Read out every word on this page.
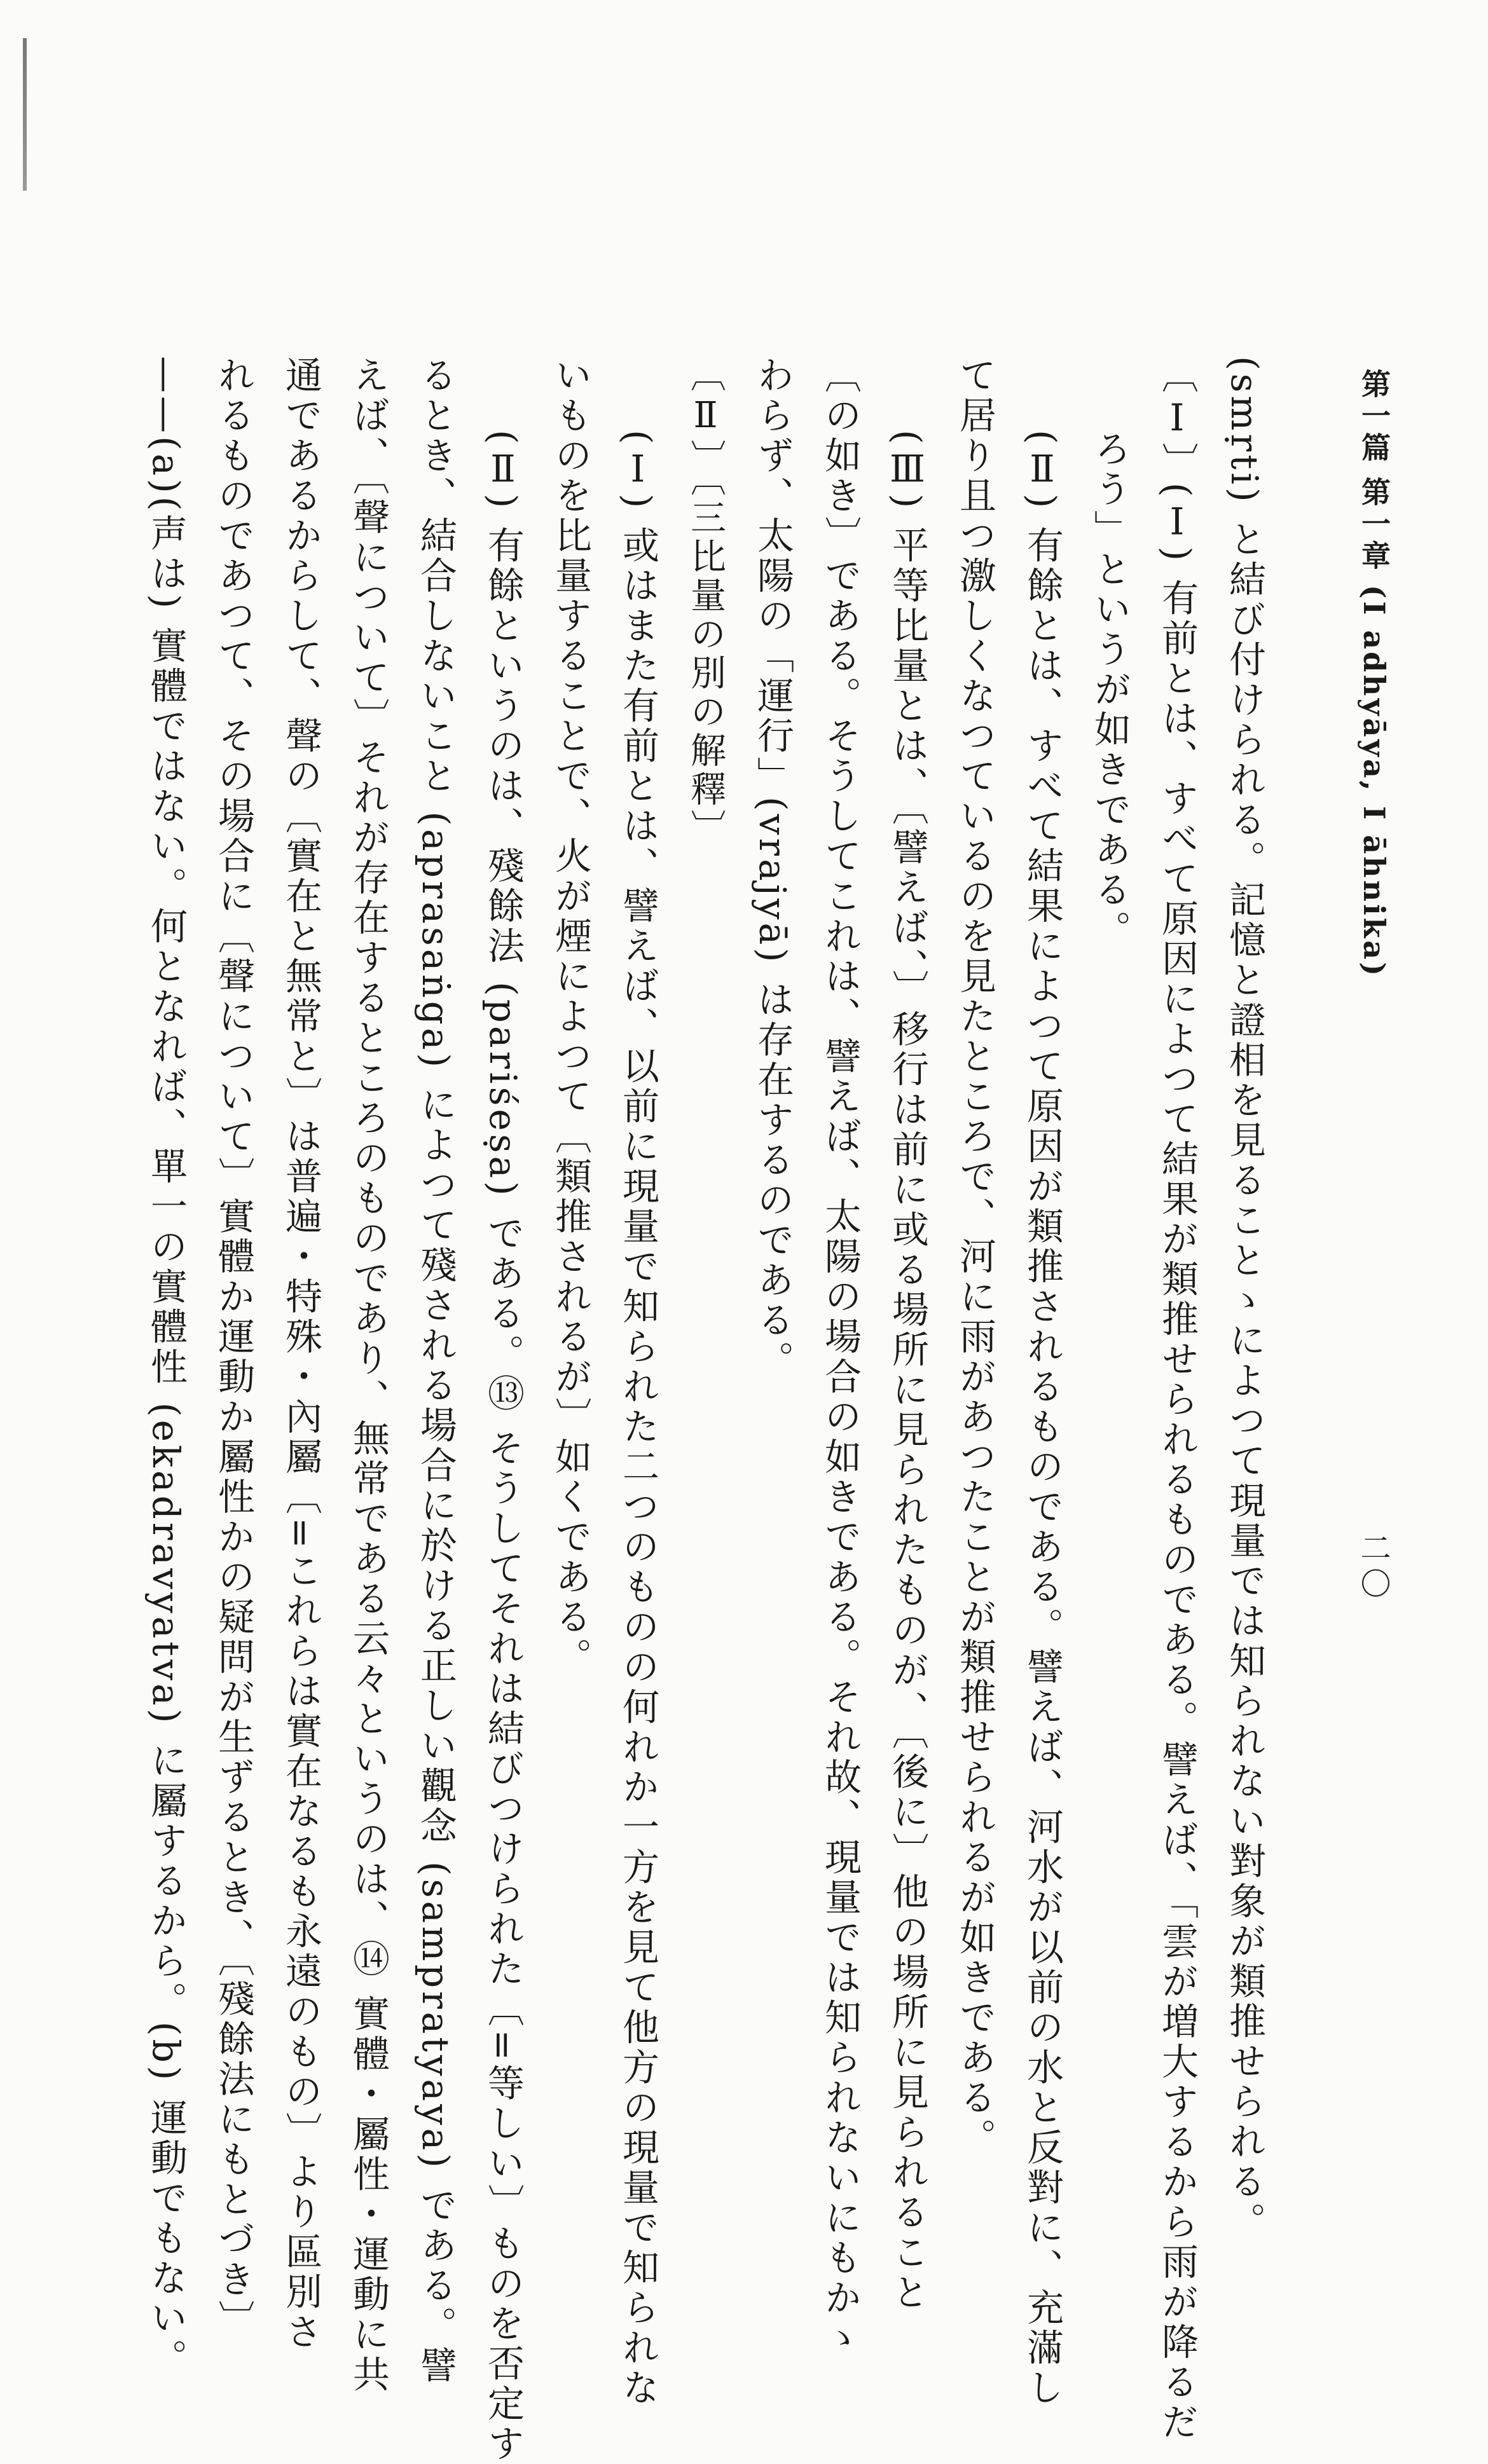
第一篇 第一章 (I adhyāya, I āhnika)
二〇
(smṛti) と結び付けられる。記憶と證相を見ることゝによつて現量では知られない對象が類推せられる。
〔Ⅰ〕(Ⅰ) 有前とは、すべて原因によつて結果が類推せられるものである。譬えば、「雲が増大するから雨が降るだ
ろう」というが如きである。
(Ⅱ) 有餘とは、すべて結果によつて原因が類推されるものである。譬えば、河水が以前の水と反對に、充滿し
て居り且つ激しくなつているのを見たところで、河に雨があつたことが類推せられるが如きである。
(Ⅲ) 平等比量とは、〔譬えば、〕移行は前に或る場所に見られたものが、〔後に〕他の場所に見られること
〔の如き〕である。そうしてこれは、譬えば、太陽の場合の如きである。それ故、現量では知られないにもかゝ
わらず、太陽の「運行」(vrajyā) は存在するのである。
〔Ⅱ〕〔三比量の別の解釋〕
(Ⅰ) 或はまた有前とは、譬えば、以前に現量で知られた二つのものの何れか一方を見て他方の現量で知られな
いものを比量することで、火が煙によつて〔類推されるが〕如くである。
(Ⅱ) 有餘というのは、殘餘法 (pariśeṣa) である。⑬ そうしてそれは結びつけられた〔=等しい〕ものを否定す
るとき、結合しないこと (aprasaṅga) によつて殘される場合に於ける正しい觀念 (sampratyaya) である。譬
えば、〔聲について〕それが存在するところのものであり、無常である云々というのは、⑭ 實體・屬性・運動に共
通であるからして、聲の〔實在と無常と〕は普遍・特殊・內屬〔=これらは實在なるも永遠のもの〕より區別さ
れるものであつて、その場合に〔聲について〕實體か運動か屬性かの疑問が生ずるとき、〔殘餘法にもとづき〕
——(a)(声は) 實體ではない。何となれば、單一の實體性 (ekadravyatva) に屬するから。(b) 運動でもない。
